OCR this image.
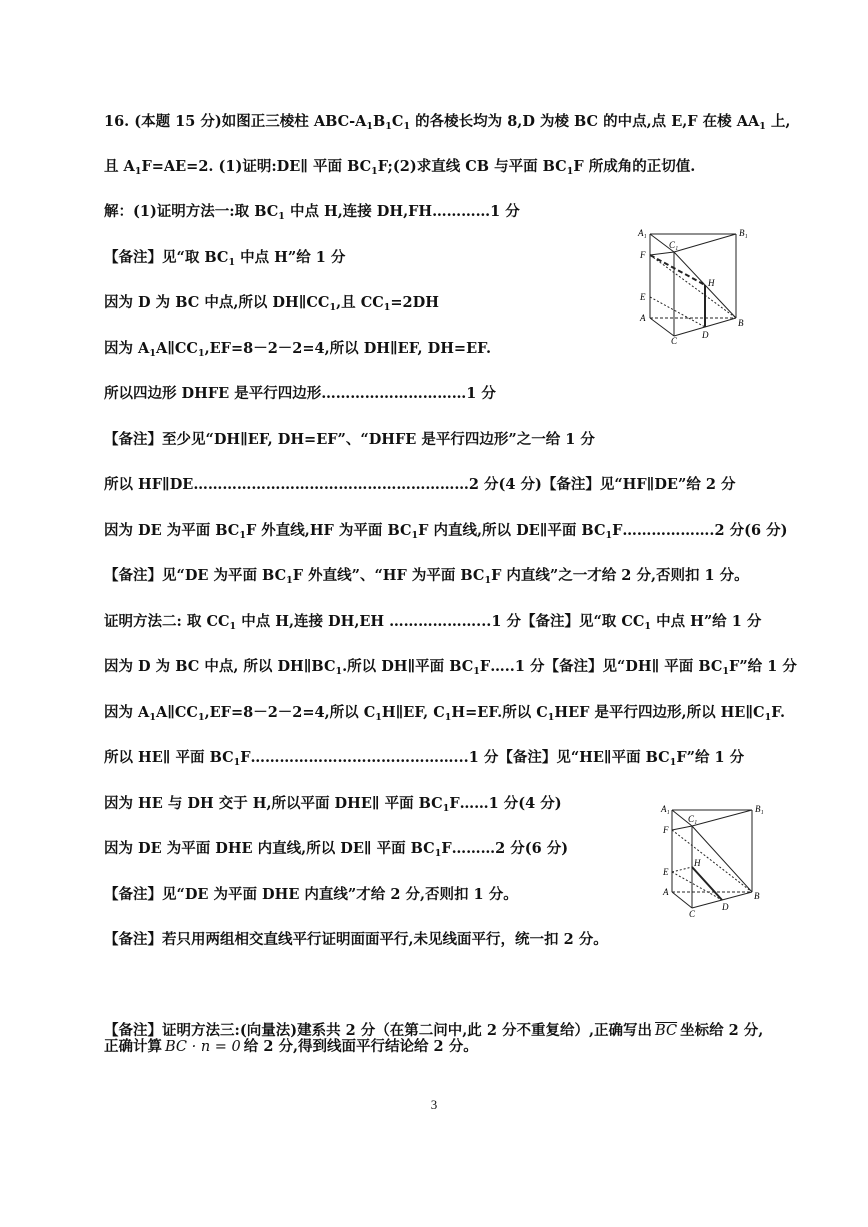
16. (本题 15 分)如图正三棱柱 ABC-$A_1B_1C_1$ 的各棱长均为 8,D 为棱 BC 的中点,点 E,F 在棱 $AA_1$ 上,
且 $A_1F=AE=2$. (1)证明:DE∥ 平面 $BC_1F;(2)$求直线 CB 与平面 $BC_1F$ 所成角的正切值.
解：(1)证明方法一:取 $BC_1$ 中点 H,连接 DH,FH…………1 分
【备注】见“取 $BC_1$ 中点 H”给 1 分
因为 D 为 BC 中点,所以 $DH\parallel CC_1$,且 $CC_1=2DH$
因为 $A_1A\parallel CC_1,EF=8-2-2=4$,所以 DH∥EF, DH=EF.
所以四边形 DHFE 是平行四边形…………………………1 分
【备注】至少见“DH∥EF, DH=EF”、“DHFE 是平行四边形”之一给 1 分
所以 HF∥DE…………………………………………………2 分(4 分)【备注】见“HF∥DE”给 2 分
因为 DE 为平面 $BC_1F$ 外直线,HF 为平面 $BC_1F$ 内直线,所以 DE∥平面 $BC_1F\dots\dots\dots\dots\dots\dots.2$ 分(6 分)
【备注】见“DE 为平面 $BC_1F$ 外直线”、“HF 为平面 $BC_1F$ 内直线”之一才给 2 分,否则扣 1 分。
证明方法二: 取 $CC_1$ 中点 H,连接 DH,EH ………………...1 分【备注】见“取 $CC_1$ 中点 H”给 1 分
因为 D 为 BC 中点, 所以 $DH\parallel BC_1$.所以 DH∥平面 $BC_1F\dots..1$ 分【备注】见“DH∥ 平面 $BC_1F$”给 1 分
因为 $A_1A\parallel CC_1,EF=8-2-2=4$,所以 $C_1H\parallel EF$, $C_1H=EF$.所以 $C_1HEF$ 是平行四边形,所以 $HE\parallel C_1F$.
所以 HE∥ 平面 $BC_1F\dots\dots\dots\dots\dots\dots\dots\dots\dots\dots\dots\dots\dots\dots...1$ 分【备注】见“HE∥平面 $BC_1F$”给 1 分
因为 HE 与 DH 交于 H,所以平面 DHE∥ 平面 $BC_1F\dots\dots 1$ 分(4 分)
因为 DE 为平面 DHE 内直线,所以 DE∥ 平面 $BC_1F\dots\dots\dots 2$ 分(6 分)
【备注】见“DE 为平面 DHE 内直线”才给 2 分,否则扣 1 分。
【备注】若只用两组相交直线平行证明面面平行,未见线面平行，统一扣 2 分。
【备注】证明方法三:(向量法)建系共 2 分（在第二问中,此 2 分不重复给）,正确写出 $\overline{BC}$ 坐标给 2 分,
正确计算 BC · n = 0 给 2 分,得到线面平行结论给 2 分。
3
A₁	B₁
C₁
F
H
E
A	B
D
C
A₁	B₁
C₁
F
H
E
A	B
D
C
